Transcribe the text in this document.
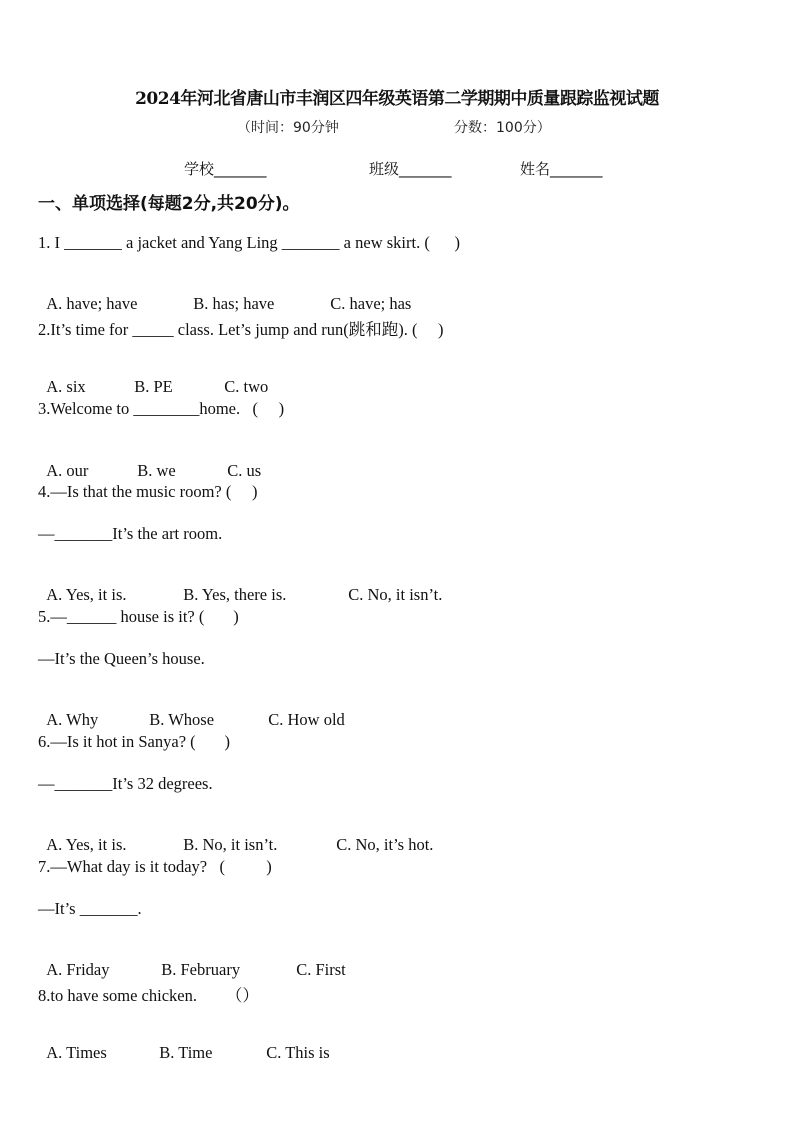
2024年河北省唐山市丰润区四年级英语第二学期期中质量跟踪监视试题
（时间：90分钟	分数：100分）
学校_______	班级_______	姓名_______
一、单项选择(每题2分,共20分)。
1. I _______ a jacket and Yang Ling _______ a new skirt. (      )

A. have; have	B. has; have	C. have; has

2.It’s time for _____ class. Let’s jump and run(跳和跑). (     )

A. six	B. PE	C. two

3.Welcome to ________home.   (     )

A. our	B. we	C. us

4.—Is that the music room? (     )
—_______It’s the art room.

A. Yes, it is.	B. Yes, there is.	C. No, it isn’t.

5.—______ house is it? (       )
—It’s the Queen’s house.

A. Why	B. Whose	C. How old

6.—Is it hot in Sanya? (       )
—_______It’s 32 degrees.

A. Yes, it is.	B. No, it isn’t.	C. No, it’s hot.

7.—What day is it today?   (          )
—It’s _______.

A. Friday	B. February	C. First

8.to have some chicken.       （）

A. Times	B. Time	C. This is
